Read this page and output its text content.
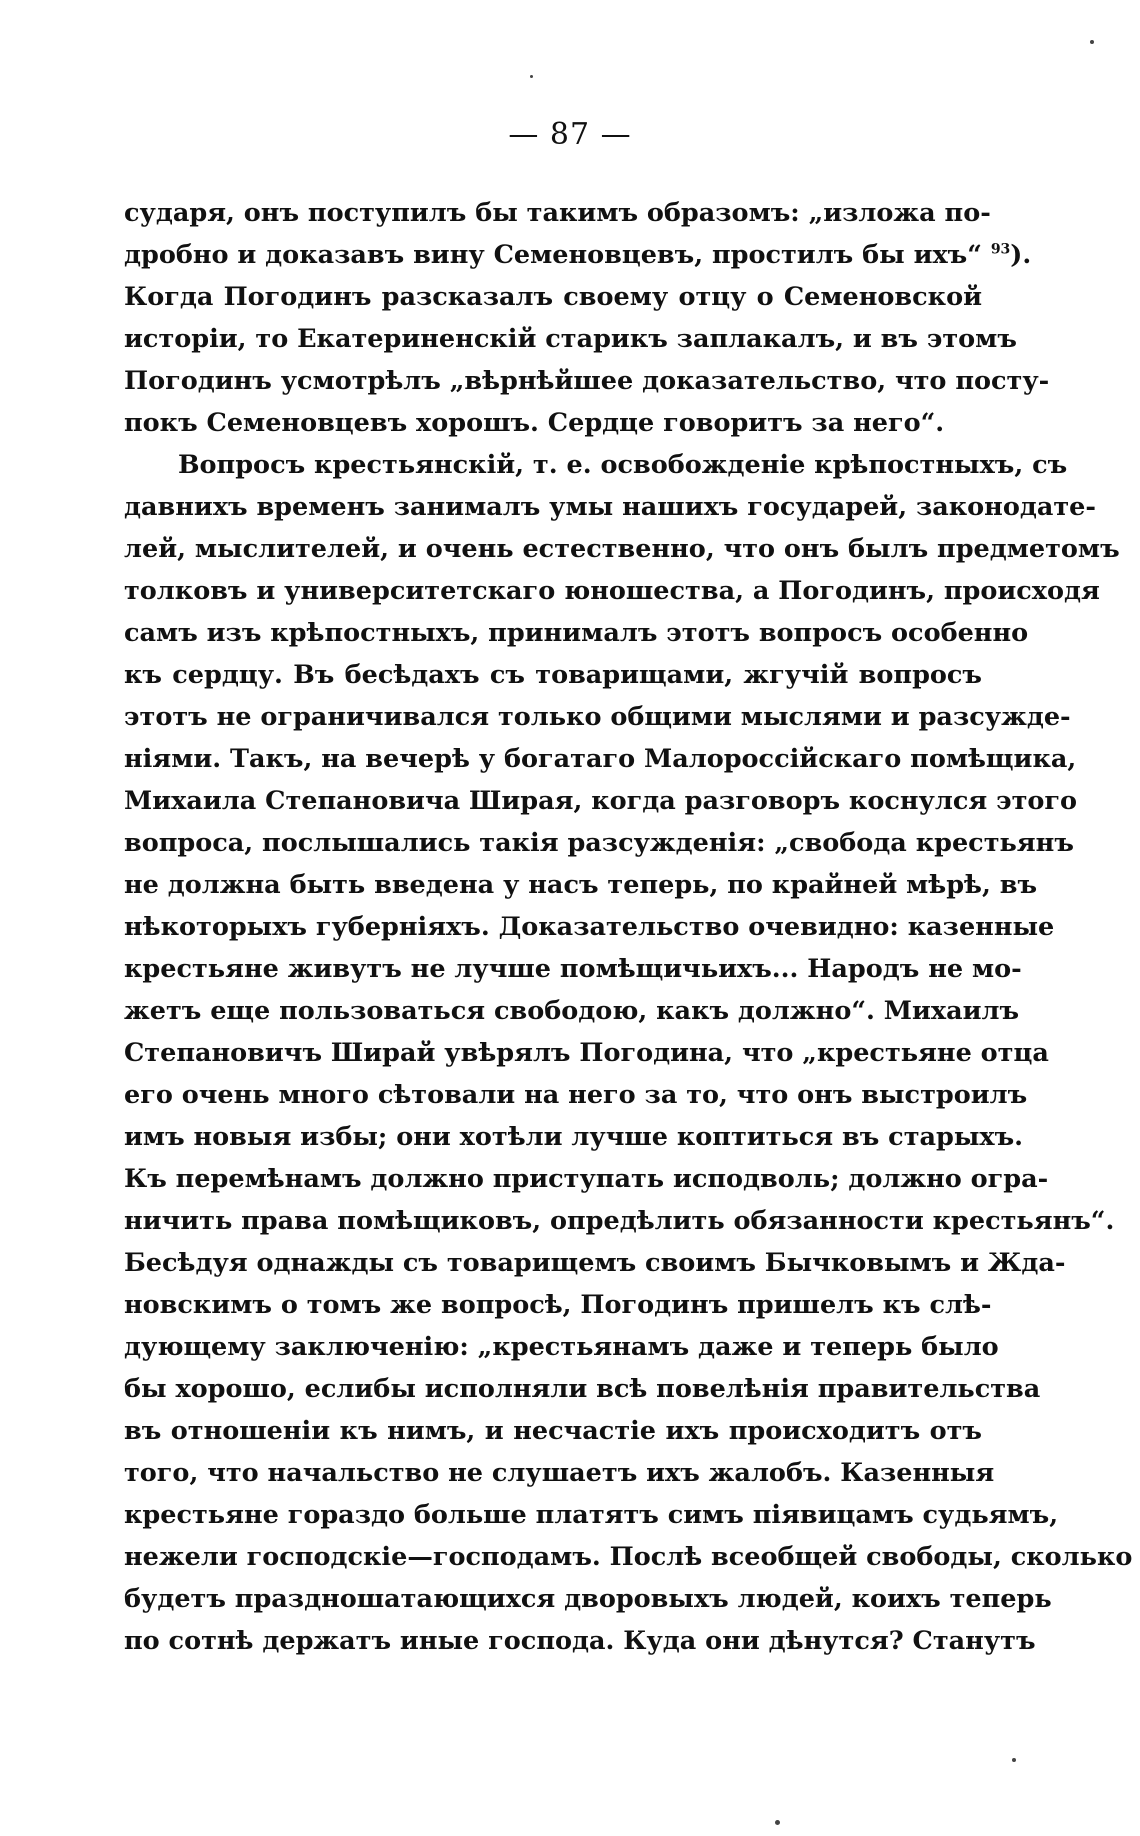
— 87 —
сударя, онъ поступилъ бы такимъ образомъ: „изложа по-
дробно и доказавъ вину Семеновцевъ, простилъ бы ихъ“ $^{93}$).
Когда Погодинъ разсказалъ своему отцу о Семеновской
исторіи, то Екатериненскій старикъ заплакалъ, и въ этомъ
Погодинъ усмотрѣлъ „вѣрнѣйшее доказательство, что посту-
покъ Семеновцевъ хорошъ. Сердце говоритъ за него“.
Вопросъ крестьянскій, т. е. освобожденіе крѣпостныхъ, съ
давнихъ временъ занималъ умы нашихъ государей, законодате-
лей, мыслителей, и очень естественно, что онъ былъ предметомъ
толковъ и университетскаго юношества, а Погодинъ, происходя
самъ изъ крѣпостныхъ, принималъ этотъ вопросъ особенно
къ сердцу. Въ бесѣдахъ съ товарищами, жгучій вопросъ
этотъ не ограничивался только общими мыслями и разсужде-
ніями. Такъ, на вечерѣ у богатаго Малороссійскаго помѣщика,
Михаила Степановича Ширая, когда разговоръ коснулся этого
вопроса, послышались такія разсужденія: „свобода крестьянъ
не должна быть введена у насъ теперь, по крайней мѣрѣ, въ
нѣкоторыхъ губерніяхъ. Доказательство очевидно: казенные
крестьяне живутъ не лучше помѣщичьихъ... Народъ не мо-
жетъ еще пользоваться свободою, какъ должно“. Михаилъ
Степановичъ Ширай увѣрялъ Погодина, что „крестьяне отца
его очень много сѣтовали на него за то, что онъ выстроилъ
имъ новыя избы; они хотѣли лучше коптиться въ старыхъ.
Къ перемѣнамъ должно приступать исподволь; должно огра-
ничить права помѣщиковъ, опредѣлить обязанности крестьянъ“.
Бесѣдуя однажды съ товарищемъ своимъ Бычковымъ и Жда-
новскимъ о томъ же вопросѣ, Погодинъ пришелъ къ слѣ-
дующему заключенію: „крестьянамъ даже и теперь было
бы хорошо, еслибы исполняли всѣ повелѣнія правительства
въ отношеніи къ нимъ, и несчастіе ихъ происходитъ отъ
того, что начальство не слушаетъ ихъ жалобъ. Казенныя
крестьяне гораздо больше платятъ симъ піявицамъ судьямъ,
нежели господскіе—господамъ. Послѣ всеобщей свободы, сколько
будетъ праздношатающихся дворовыхъ людей, коихъ теперь
по сотнѣ держатъ иные господа. Куда они дѣнутся? Станутъ
